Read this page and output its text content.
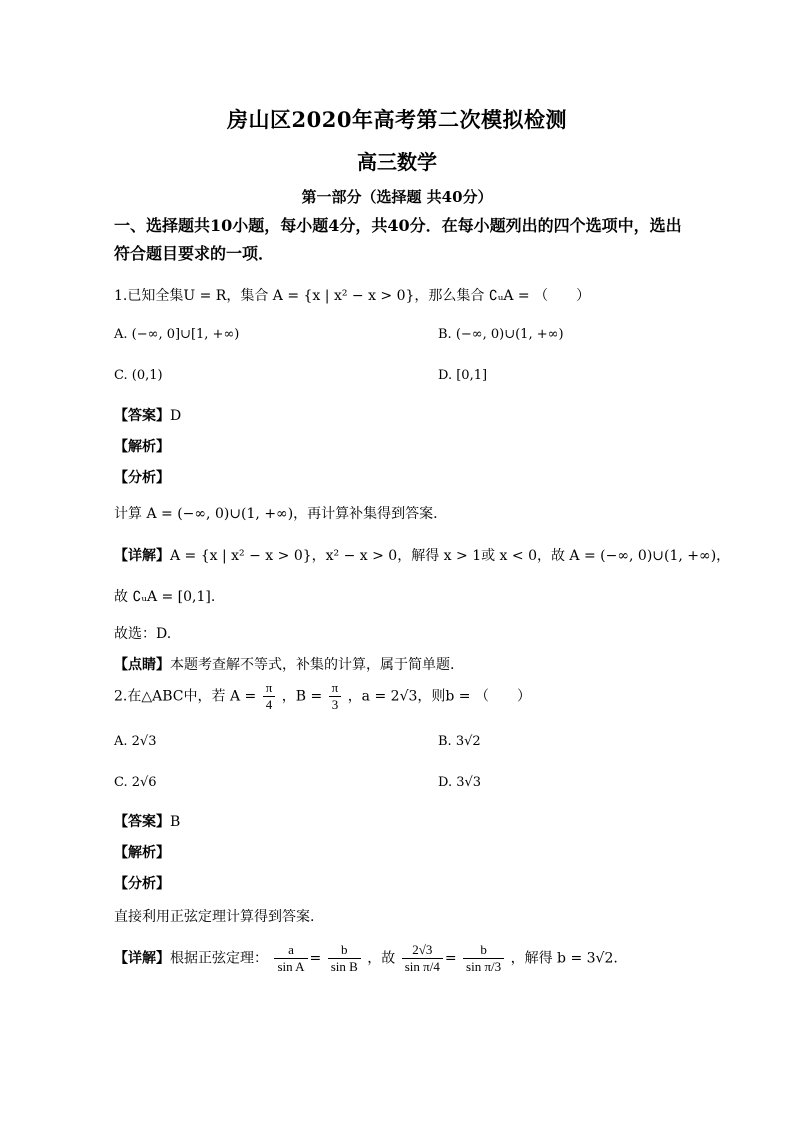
房山区2020年高考第二次模拟检测
高三数学
第一部分（选择题 共40分）
一、选择题共10小题，每小题4分，共40分．在每小题列出的四个选项中，选出符合题目要求的一项．
1.已知全集U = R，集合 A = {x | x² − x > 0}，那么集合 ∁ᵤA = （　　）
A. (−∞, 0]∪[1, +∞)	B. (−∞, 0)∪(1, +∞)
C. (0,1)	D. [0,1]
【答案】D
【解析】
【分析】
计算 A = (−∞, 0)∪(1, +∞)，再计算补集得到答案.
【详解】A = {x | x² − x > 0}，x² − x > 0，解得 x > 1或 x < 0，故 A = (−∞, 0)∪(1, +∞)，
故 ∁ᵤA = [0,1].
故选：D.
【点睛】本题考查解不等式，补集的计算，属于简单题.
2.在△ABC中，若 $A = \frac{\pi}{4}$ ，$B = \frac{\pi}{3}$ ，a = 2√3，则b = （　　）
A. 2√3	B. 3√2
C. 2√6	D. 3√3
【答案】B
【解析】
【分析】
直接利用正弦定理计算得到答案.
【详解】根据正弦定理： $\frac{a}{\text{sin A}} = \frac{b}{\text{sin B}}$ ，故 $\frac{2√3}{\text{sin π/4}} = \frac{b}{\text{sin π/3}}$ ，解得 b = 3√2.
